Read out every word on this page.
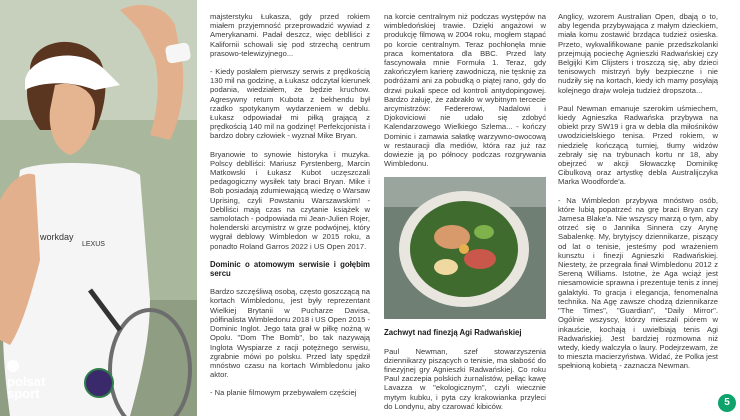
workday
LEXUS

polsat
sport

majsterstyku Łukasza, gdy przed rokiem miałem przyjemność przeprowadzić wywiad z Amerykanami. Padał deszcz, więc deblliści z Kalifornii schowali się pod strzechą centrum prasowo-telewizyjnego...

- Kiedy posłałem pierwszy serwis z prędkością 130 mil na godzinę, a Łukasz odczytał kierunek podania, wiedziałem, że będzie kruchow. Agresywny return Kubota z bekhendu był rzadko spotykanym wydarzeniem w deblu. Łukasz odpowiadał mi piłką grającą z prędkością 140 mil na godzinę! Perfekcjonista i bardzo dobry człowiek - wyznał Mike Bryan.

Bryanowie to synowie historyka i muzyka. Polscy deblliści: Mariusz Fyrstenberg, Marcin Matkowski i Łukasz Kubot uczęszczali pedagogiczny wysiłek taty braci Bryan. Mike i Bob posiadają zdumiewającą wiedzę o Warsaw Uprising, czyli Powstaniu Warszawskim! - Deblliści mają czas na czytanie książek w samolotach - podpowiada mi Jean-Julien Rojer, holenderski arcymistrz w grze podwójnej, który wygrał deblowy Wimbledon w 2015 roku, a ponadto Roland Garros 2022 i US Open 2017.

Dominic o atomowym serwisie i gołębim sercu

Bardzo szczęśliwą osobą, często goszczącą na kortach Wimbledonu, jest były reprezentant Wielkiej Brytanii w Pucharze Davisa, półfinalista Wimbledonu 2018 i US Open 2015 - Dominic Inglot. Jego tata grał w piłkę nożną w Opolu. "Dom The Bomb", bo tak nazywają Inglota Wyspiarze z racji potężnego serwisu, zgrabnie mówi po polsku. Przed laty spędził mnóstwo czasu na kortach Wimbledonu jako aktor.

- Na planie filmowym przebywałem częściej

na korcie centralnym niż podczas występów na wimbledońskiej trawie. Dzięki angażowi w produkcję filmową w 2004 roku, mogłem stąpać po korcie centralnym. Teraz pochłonęła mnie praca komentatora dla BBC. Przed laty fascynowała mnie Formuła 1. Teraz, gdy zakończyłem karierę zawodniczą, nie tęsknię za podróżami ani za pobudką o piątej rano, gdy do drzwi pukali spece od kontroli antydopingowej. Bardzo żałuję, że zabrakło w wybitnym tercecie arcymistrzów: Federerowi, Nadalowi i Djokoviciowi nie udało się zdobyć Kalendarzowego Wielkiego Szlema... - kończy Dominic i zamawia sałatkę warzywno-owocową w restauracji dla mediów, która raz już raz dowiezie ją po północy podczas rozgrywania Wimbledonu.

Zachwyt nad finezją Agi Radwańskiej

Paul Newman, szef stowarzyszenia dziennikarzy piszących o tenisie, ma słabość do finezyjnej gry Agnieszki Radwańskiej. Co roku Paul zaczepia polskich żurnalistów, pełląc kawę Lavazza w "ekologicznym", czyli wiecznie mytym kubku, i pyta czy krakowianka przyleci do Londynu, aby czarować kibiców.

Anglicy, wzorem Australian Open, dbają o to, aby legenda przybywająca z małym dzieckiem, miała komu zostawić brzdąca tudzież osieska. Przeto, wykwalifikowane panie przedszkolanki przejmują pociechę Agnieszki Radwańskiej czy Belgijki Kim Clijsters i troszczą się, aby dzieci tenisowych mistrzyń były bezpieczne i nie nudziły się na kortach, kiedy ich mamy posyłają kolejnego drajw woleja tudzież dropszota...

Paul Newman emanuje szerokim uśmiechem, kiedy Agnieszka Radwańska przybywa na obiekt przy SW19 i gra w debla dla miłośników uwodzicielskiego tenisa. Przed rokiem, w niedzielę kończącą turniej, tłumy widzów zebrały się na trybunach kortu nr 18, aby obejrzeć w akcji Słowaczkę Dominikę Cibulkovą oraz artystkę debla Australijczyka Marka Woodforde'a.

- Na Wimbledon przybywa mnóstwo osób, które lubią popatrzeć na grę braci Bryan czy Jamesa Blake'a. Nie wszyscy marzą o tym, aby otrzeć się o Jannika Sinnera czy Arynę Sabalenkę. My, brytyjscy dziennikarze, piszący od lat o tenisie, jesteśmy pod wrażeniem kunsztu i finezji Agnieszki Radwańskiej. Niestety, że przegrała finał Wimbledonu 2012 z Sereną Williams. Istotne, że Aga wciąż jest niesamowicie sprawna i prezentuje tenis z innej galaktyki. To gracja i elegancja, fenomenalna technika. Na Agę zawsze chodzą dziennikarze "The Times", "Guardian", "Daily Mirror". Ogólnie wszyscy, którzy mieszali piórem w inkauście, kochają i uwielbiają tenis Agi Radwańskiej. Jest bardziej rozmowna niż wtedy, kiedy walczyła o laury. Podejrzewam, że to mieszta macierzyństwa. Widać, że Polka jest spełnioną kobietą - zaznacza Newman.

5
